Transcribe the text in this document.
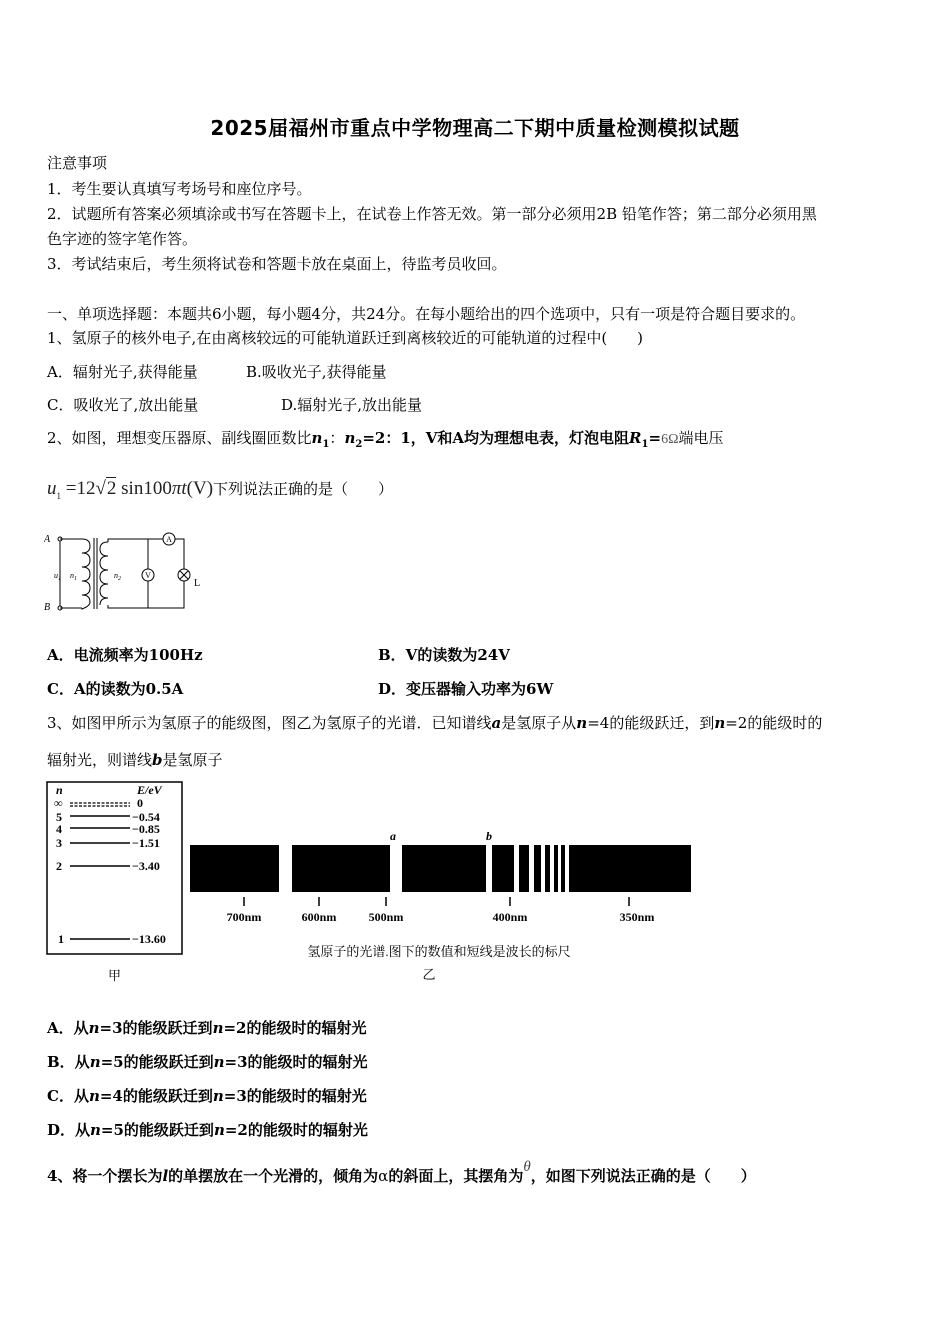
2025届福州市重点中学物理高二下期中质量检测模拟试题
注意事项
1．考生要认真填写考场号和座位序号。
2．试题所有答案必须填涂或书写在答题卡上，在试卷上作答无效。第一部分必须用2B 铅笔作答；第二部分必须用黑
色字迹的签字笔作答。
3．考试结束后，考生须将试卷和答题卡放在桌面上，待监考员收回。
一、单项选择题：本题共6小题，每小题4分，共24分。在每小题给出的四个选项中，只有一项是符合题目要求的。
1、氢原子的核外电子,在由离核较远的可能轨道跃迁到离核较近的可能轨道的过程中(　　)
A．辐射光子,获得能量	B.吸收光子,获得能量
C．吸收光了,放出能量	D.辐射光子,放出能量
2、如图，理想变压器原、副线圈匝数比$n_1$：$n_2=2$：1，V和A均为理想电表，灯泡电阻$R_1=6\Omega$端电压
$u_1 =12√2$ sin100πt(V)下列说法正确的是（　　）
A
B
$u_1$ $n_1$	$n_2$
A
V
L
A．电流频率为100Hz	B．V的读数为24V
C．A的读数为0.5A	D．变压器输入功率为6W
3、如图甲所示为氢原子的能级图，图乙为氢原子的光谱．已知谱线a是氢原子从n=4的能级跃迁，到n=2的能级时的
辐射光，则谱线b是氢原子
n	E/eV
∞	0
5	−0.54
4	−0.85
3	−1.51
2	−3.40
1	−13.60
甲
a	b
700nm	600nm	500nm	400nm	350nm
氢原子的光谱.图下的数值和短线是波长的标尺
乙
A．从n=3的能级跃迁到n=2的能级时的辐射光
B．从n=5的能级跃迁到n=3的能级时的辐射光
C．从n=4的能级跃迁到n=3的能级时的辐射光
D．从n=5的能级跃迁到n=2的能级时的辐射光
4、将一个摆长为l的单摆放在一个光滑的，倾角为α的斜面上，其摆角为θ，如图下列说法正确的是（　　）
